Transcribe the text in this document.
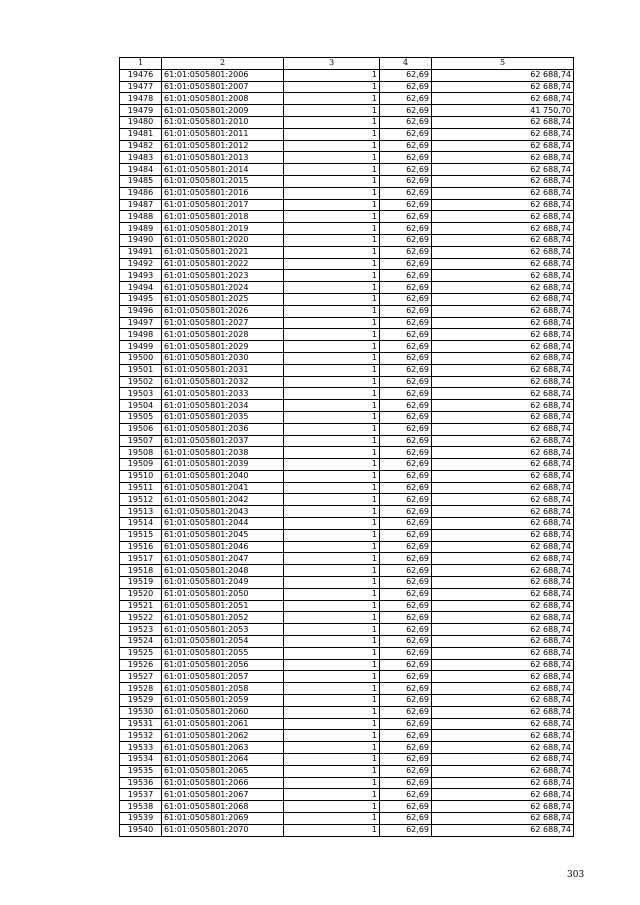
1	2	3	4	5
19476	61:01:0505801:2006	1	62,69	62 688,74
19477	61:01:0505801:2007	1	62,69	62 688,74
19478	61:01:0505801:2008	1	62,69	62 688,74
19479	61:01:0505801:2009	1	62,69	41 750,70
19480	61:01:0505801:2010	1	62,69	62 688,74
19481	61:01:0505801:2011	1	62,69	62 688,74
19482	61:01:0505801:2012	1	62,69	62 688,74
19483	61:01:0505801:2013	1	62,69	62 688,74
19484	61:01:0505801:2014	1	62,69	62 688,74
19485	61:01:0505801:2015	1	62,69	62 688,74
19486	61:01:0505801:2016	1	62,69	62 688,74
19487	61:01:0505801:2017	1	62,69	62 688,74
19488	61:01:0505801:2018	1	62,69	62 688,74
19489	61:01:0505801:2019	1	62,69	62 688,74
19490	61:01:0505801:2020	1	62,69	62 688,74
19491	61:01:0505801:2021	1	62,69	62 688,74
19492	61:01:0505801:2022	1	62,69	62 688,74
19493	61:01:0505801:2023	1	62,69	62 688,74
19494	61:01:0505801:2024	1	62,69	62 688,74
19495	61:01:0505801:2025	1	62,69	62 688,74
19496	61:01:0505801:2026	1	62,69	62 688,74
19497	61:01:0505801:2027	1	62,69	62 688,74
19498	61:01:0505801:2028	1	62,69	62 688,74
19499	61:01:0505801:2029	1	62,69	62 688,74
19500	61:01:0505801:2030	1	62,69	62 688,74
19501	61:01:0505801:2031	1	62,69	62 688,74
19502	61:01:0505801:2032	1	62,69	62 688,74
19503	61:01:0505801:2033	1	62,69	62 688,74
19504	61:01:0505801:2034	1	62,69	62 688,74
19505	61:01:0505801:2035	1	62,69	62 688,74
19506	61:01:0505801:2036	1	62,69	62 688,74
19507	61:01:0505801:2037	1	62,69	62 688,74
19508	61:01:0505801:2038	1	62,69	62 688,74
19509	61:01:0505801:2039	1	62,69	62 688,74
19510	61:01:0505801:2040	1	62,69	62 688,74
19511	61:01:0505801:2041	1	62,69	62 688,74
19512	61:01:0505801:2042	1	62,69	62 688,74
19513	61:01:0505801:2043	1	62,69	62 688,74
19514	61:01:0505801:2044	1	62,69	62 688,74
19515	61:01:0505801:2045	1	62,69	62 688,74
19516	61:01:0505801:2046	1	62,69	62 688,74
19517	61:01:0505801:2047	1	62,69	62 688,74
19518	61:01:0505801:2048	1	62,69	62 688,74
19519	61:01:0505801:2049	1	62,69	62 688,74
19520	61:01:0505801:2050	1	62,69	62 688,74
19521	61:01:0505801:2051	1	62,69	62 688,74
19522	61:01:0505801:2052	1	62,69	62 688,74
19523	61:01:0505801:2053	1	62,69	62 688,74
19524	61:01:0505801:2054	1	62,69	62 688,74
19525	61:01:0505801:2055	1	62,69	62 688,74
19526	61:01:0505801:2056	1	62,69	62 688,74
19527	61:01:0505801:2057	1	62,69	62 688,74
19528	61:01:0505801:2058	1	62,69	62 688,74
19529	61:01:0505801:2059	1	62,69	62 688,74
19530	61:01:0505801:2060	1	62,69	62 688,74
19531	61:01:0505801:2061	1	62,69	62 688,74
19532	61:01:0505801:2062	1	62,69	62 688,74
19533	61:01:0505801:2063	1	62,69	62 688,74
19534	61:01:0505801:2064	1	62,69	62 688,74
19535	61:01:0505801:2065	1	62,69	62 688,74
19536	61:01:0505801:2066	1	62,69	62 688,74
19537	61:01:0505801:2067	1	62,69	62 688,74
19538	61:01:0505801:2068	1	62,69	62 688,74
19539	61:01:0505801:2069	1	62,69	62 688,74
19540	61:01:0505801:2070	1	62,69	62 688,74
303
